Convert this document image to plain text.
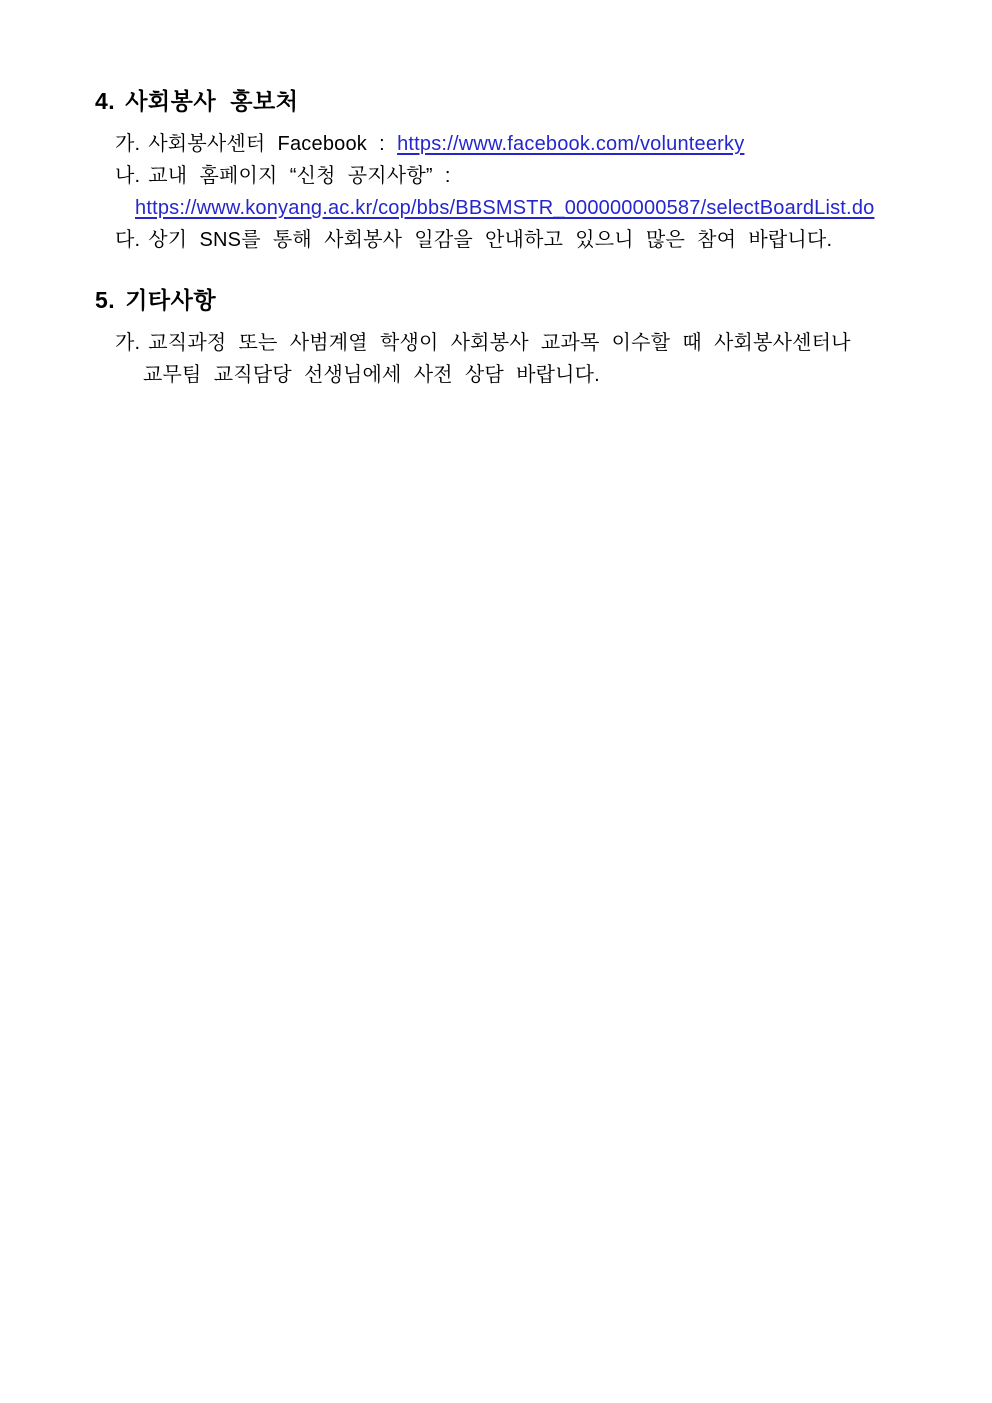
4. 사회봉사 홍보처
가. 사회봉사센터 Facebook : https://www.facebook.com/volunteerky
나. 교내 홈페이지 “신청 공지사항” :
https://www.konyang.ac.kr/cop/bbs/BBSMSTR_000000000587/selectBoardList.do
다. 상기 SNS를 통해 사회봉사 일감을 안내하고 있으니 많은 참여 바랍니다.
5. 기타사항
가. 교직과정 또는 사범계열 학생이 사회봉사 교과목 이수할 때 사회봉사센터나
교무팀 교직담당 선생님에세 사전 상담 바랍니다.
